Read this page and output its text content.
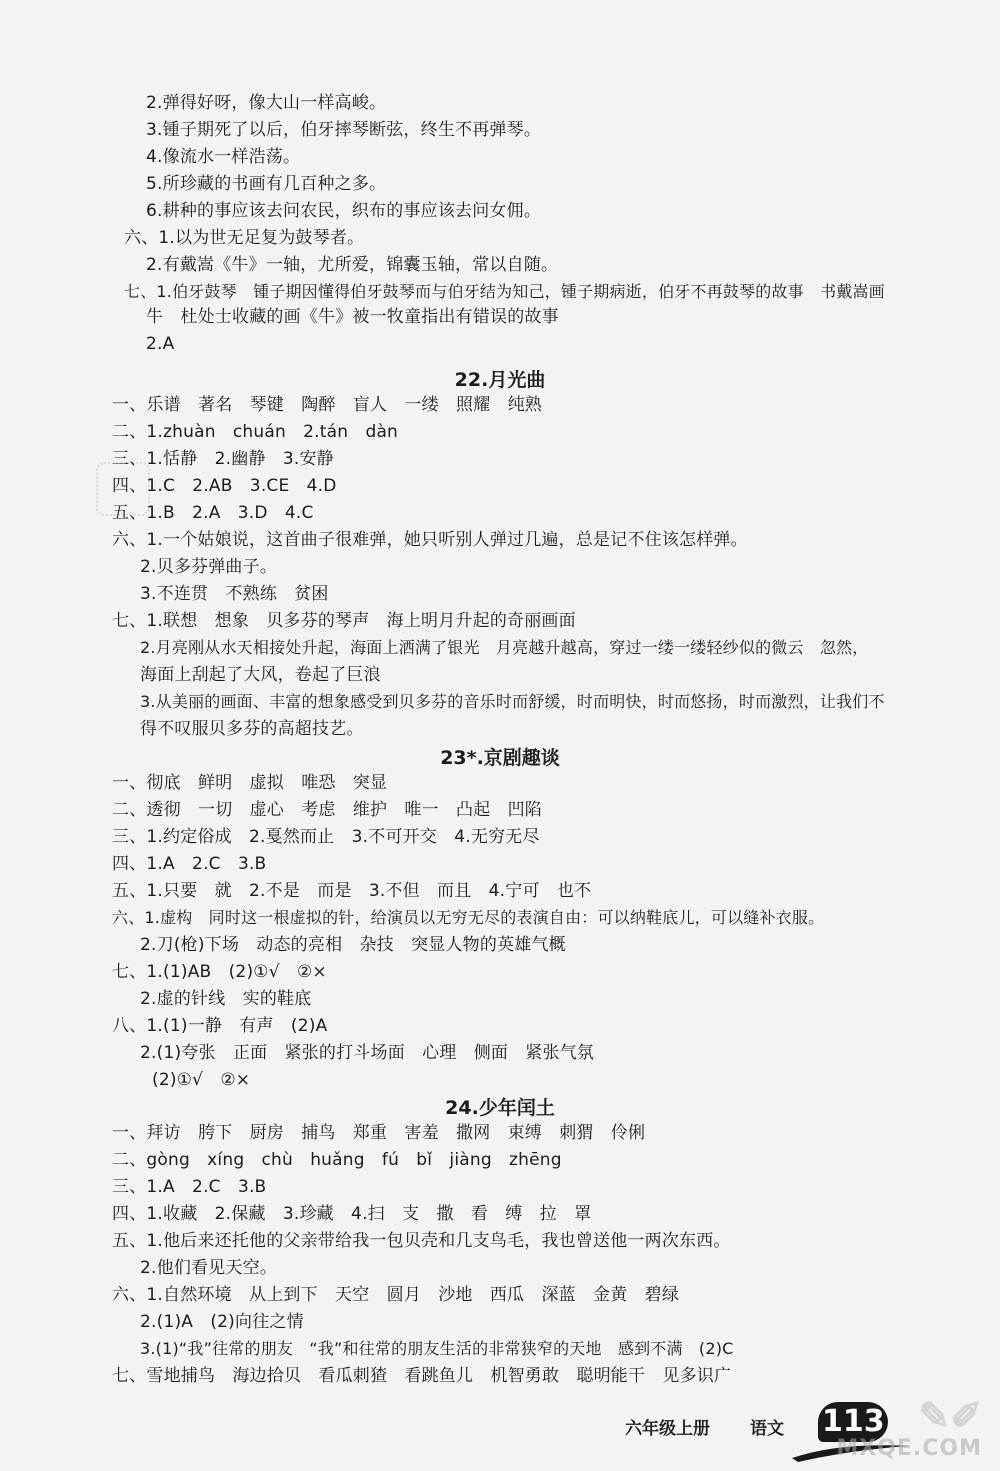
2.弹得好呀，像大山一样高峻。
3.锺子期死了以后，伯牙摔琴断弦，终生不再弹琴。
4.像流水一样浩荡。
5.所珍藏的书画有几百种之多。
6.耕种的事应该去问农民，织布的事应该去问女佣。
六、1.以为世无足复为鼓琴者。
2.有戴嵩《牛》一轴，尤所爱，锦囊玉轴，常以自随。
七、1.伯牙鼓琴　锺子期因懂得伯牙鼓琴而与伯牙结为知己，锺子期病逝，伯牙不再鼓琴的故事　书戴嵩画
牛　杜处士收藏的画《牛》被一牧童指出有错误的故事
2.A
22.月光曲
一、乐谱　著名　琴键　陶醉　盲人　一缕　照耀　纯熟
二、1.zhuàn　chuán　2.tán　dàn
三、1.恬静　2.幽静　3.安静
四、1.C　2.AB　3.CE　4.D
五、1.B　2.A　3.D　4.C
六、1.一个姑娘说，这首曲子很难弹，她只听别人弹过几遍，总是记不住该怎样弹。
2.贝多芬弹曲子。
3.不连贯　不熟练　贫困
七、1.联想　想象　贝多芬的琴声　海上明月升起的奇丽画面
2.月亮刚从水天相接处升起，海面上洒满了银光　月亮越升越高，穿过一缕一缕轻纱似的微云　忽然，
海面上刮起了大风，卷起了巨浪
3.从美丽的画面、丰富的想象感受到贝多芬的音乐时而舒缓，时而明快，时而悠扬，时而激烈，让我们不
得不叹服贝多芬的高超技艺。
23*.京剧趣谈
一、彻底　鲜明　虚拟　唯恐　突显
二、透彻　一切　虚心　考虑　维护　唯一　凸起　凹陷
三、1.约定俗成　2.戛然而止　3.不可开交　4.无穷无尽
四、1.A　2.C　3.B
五、1.只要　就　2.不是　而是　3.不但　而且　4.宁可　也不
六、1.虚构　同时这一根虚拟的针，给演员以无穷无尽的表演自由：可以纳鞋底儿，可以缝补衣服。
2.刀(枪)下场　动态的亮相　杂技　突显人物的英雄气概
七、1.(1)AB　(2)①√　②×
2.虚的针线　实的鞋底
八、1.(1)一静　有声　(2)A
2.(1)夸张　正面　紧张的打斗场面　心理　侧面　紧张气氛
(2)①√　②×
24.少年闰土
一、拜访　胯下　厨房　捕鸟　郑重　害羞　撒网　束缚　刺猬　伶俐
二、gòng　xíng　chù　huǎng　fú　bǐ　jiàng　zhēng
三、1.A　2.C　3.B
四、1.收藏　2.保藏　3.珍藏　4.扫　支　撒　看　缚　拉　罩
五、1.他后来还托他的父亲带给我一包贝壳和几支鸟毛，我也曾送他一两次东西。
2.他们看见天空。
六、1.自然环境　从上到下　天空　圆月　沙地　西瓜　深蓝　金黄　碧绿
2.(1)A　(2)向往之情
3.(1)“我”往常的朋友　“我”和往常的朋友生活的非常狭窄的天地　感到不满　(2)C
七、雪地捕鸟　海边拾贝　看瓜刺猹　看跳鱼儿　机智勇敢　聪明能干　见多识广
六年级上册 语文 113 ✎✐
MXQE.COM
